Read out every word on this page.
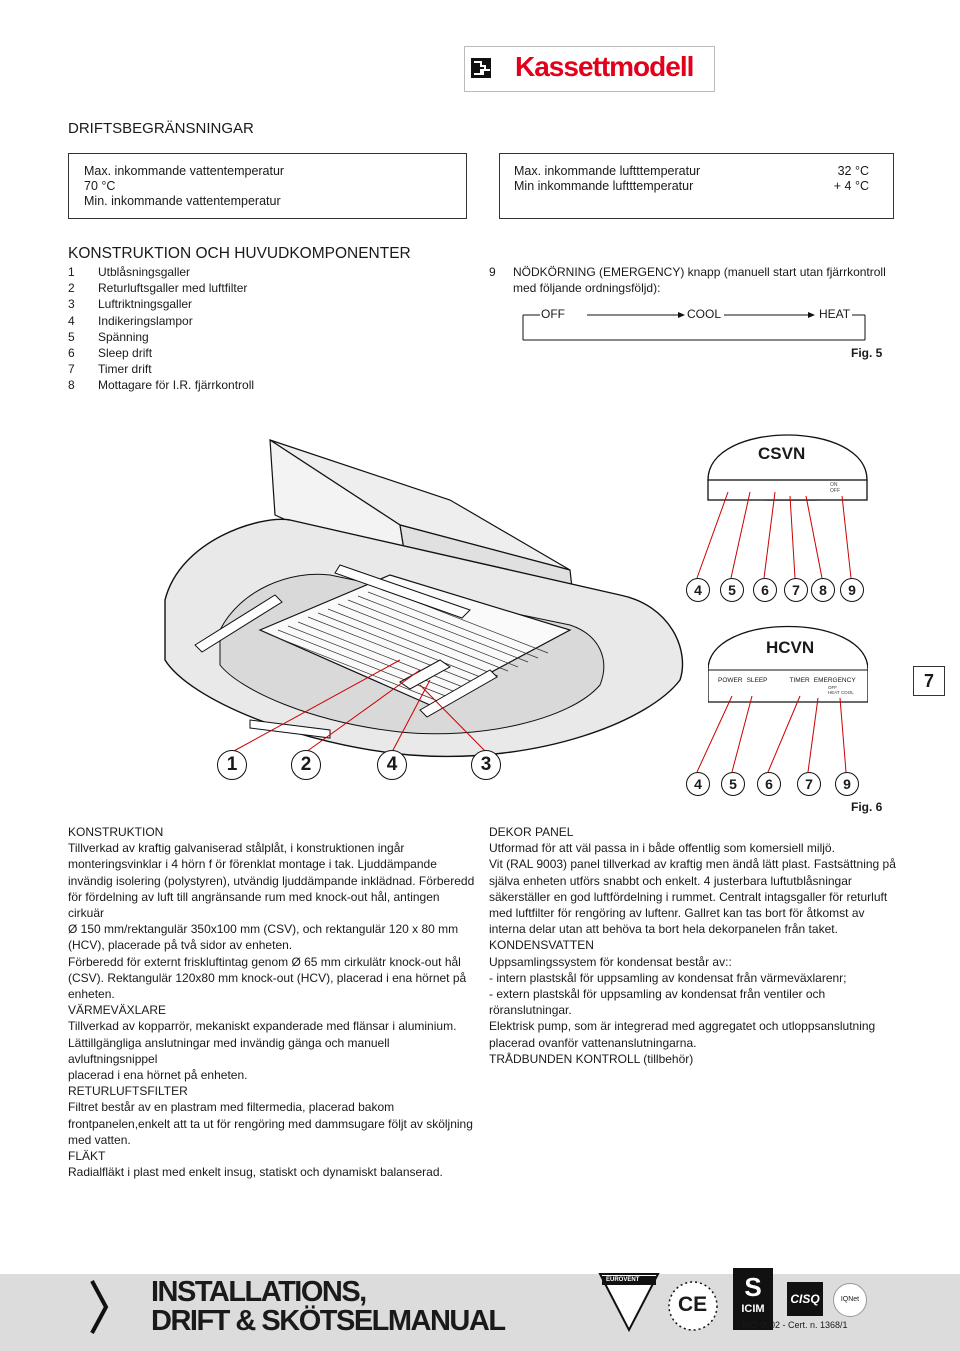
Kassettmodell
DRIFTSBEGRÄNSNINGAR
Max. inkommande vattentemperatur
70 °C
Min. inkommande vattentemperatur
Max. inkommande luftttemperatur	32 °C
Min inkommande luftttemperatur	+ 4 °C
KONSTRUKTION OCH HUVUDKOMPONENTER
1	Utblåsningsgaller
2	Returluftsgaller med luftfilter
3	Luftriktningsgaller
4	Indikeringslampor
5	Spänning
6	Sleep drift
7	Timer drift
8	Mottagare för I.R. fjärrkontroll
9	NÖDKÖRNING (EMERGENCY) knapp (manuell start utan fjärrkontroll
med följande ordningsföljd):
OFF	COOL	HEAT
Fig. 5
CSVN
ON
OFF
HCVN
POWER SLEEP	TIMER EMERGENCY
OFF
HEAT COOL
4	5	6	7	8	9
4	5	6	7	9
1	2	4	3
7
Fig. 6
KONSTRUKTION
Tillverkad av kraftig galvaniserad stålplåt, i konstruktionen ingår
monteringsvinklar i 4 hörn f ör förenklat montage i tak. Ljuddämpande
invändig isolering (polystyren), utvändig ljuddämpande inklädnad. Förberedd
för fördelning av luft till angränsande rum med knock-out hål, antingen cirkuär
Ø 150 mm/rektangulär 350x100 mm (CSV), och rektangulär 120 x 80 mm
(HCV), placerade på två sidor av enheten.
Förberedd för externt friskluftintag genom Ø 65 mm cirkulätr knock-out hål
(CSV). Rektangulär 120x80 mm knock-out (HCV), placerad i ena hörnet på
enheten.
VÄRMEVÄXLARE
Tillverkad av kopparrör, mekaniskt expanderade med flänsar i aluminium.
Lättillgängliga anslutningar med invändig gänga och manuell avluftningsnippel
placerad i ena hörnet på enheten.
RETURLUFTSFILTER
Filtret består av en plastram med filtermedia, placerad bakom
frontpanelen,enkelt att ta ut för rengöring med dammsugare följt av sköljning
med vatten.
FLÄKT
Radialfläkt i plast med enkelt insug, statiskt och dynamiskt balanserad.
DEKOR PANEL
Utformad för att väl passa in i både offentlig som komersiell miljö.
Vit (RAL 9003) panel tillverkad av kraftig men ändå lätt plast. Fastsättning på
själva enheten utförs snabbt och enkelt. 4 justerbara luftutblåsningar
säkerställer en god luftfördelning i rummet. Centralt intagsgaller för returluft
med luftfilter för rengöring av luftenr. Gallret kan tas bort för åtkomst av
interna delar utan att behöva ta bort hela dekorpanelen från taket.
KONDENSVATTEN
Uppsamlingssystem för kondensat består av::
- intern plastskål för uppsamling av kondensat från värmeväxlarenr;
- extern plastskål för uppsamling av kondensat från ventiler och
röranslutningar.
Elektrisk pump, som är integrerad med aggregatet och utloppsanslutning
placerad ovanför vattenanslutningarna.
TRÅDBUNDEN KONTROLL (tillbehör)
INSTALLATIONS,
DRIFT & SKÖTSELMANUAL
EUROVENT
CE
S
ICIM
CISQ	IQNet
ISO 9002 - Cert. n. 1368/1
